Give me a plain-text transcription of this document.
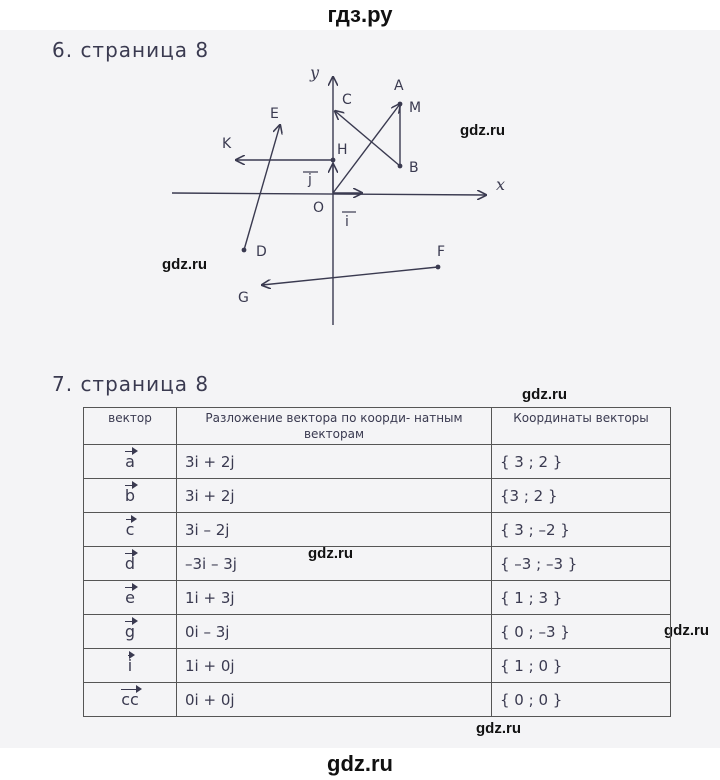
гдз.ру
6. страница 8
gdz.ru
gdz.ru
gdz.ru
gdz.ru
gdz.ru
gdz.ru
x
y
O
A
M
B
C
H
K
E
D	F
G
j
i
7. страница 8
вектор	Разложение вектора по коорди- натным векторам	Координаты векторы
a	3i + 2j	{ 3 ; 2 }
b	3i + 2j	{3 ; 2 }
c	3i – 2j	{ 3 ; –2 }
d	–3i – 3j	{ –3 ; –3 }
e	1i + 3j	{ 1 ; 3 }
g	0i – 3j	{ 0 ; –3 }
i	1i + 0j	{ 1 ; 0 }
cc	0i + 0j	{ 0 ; 0 }
gdz.ru
